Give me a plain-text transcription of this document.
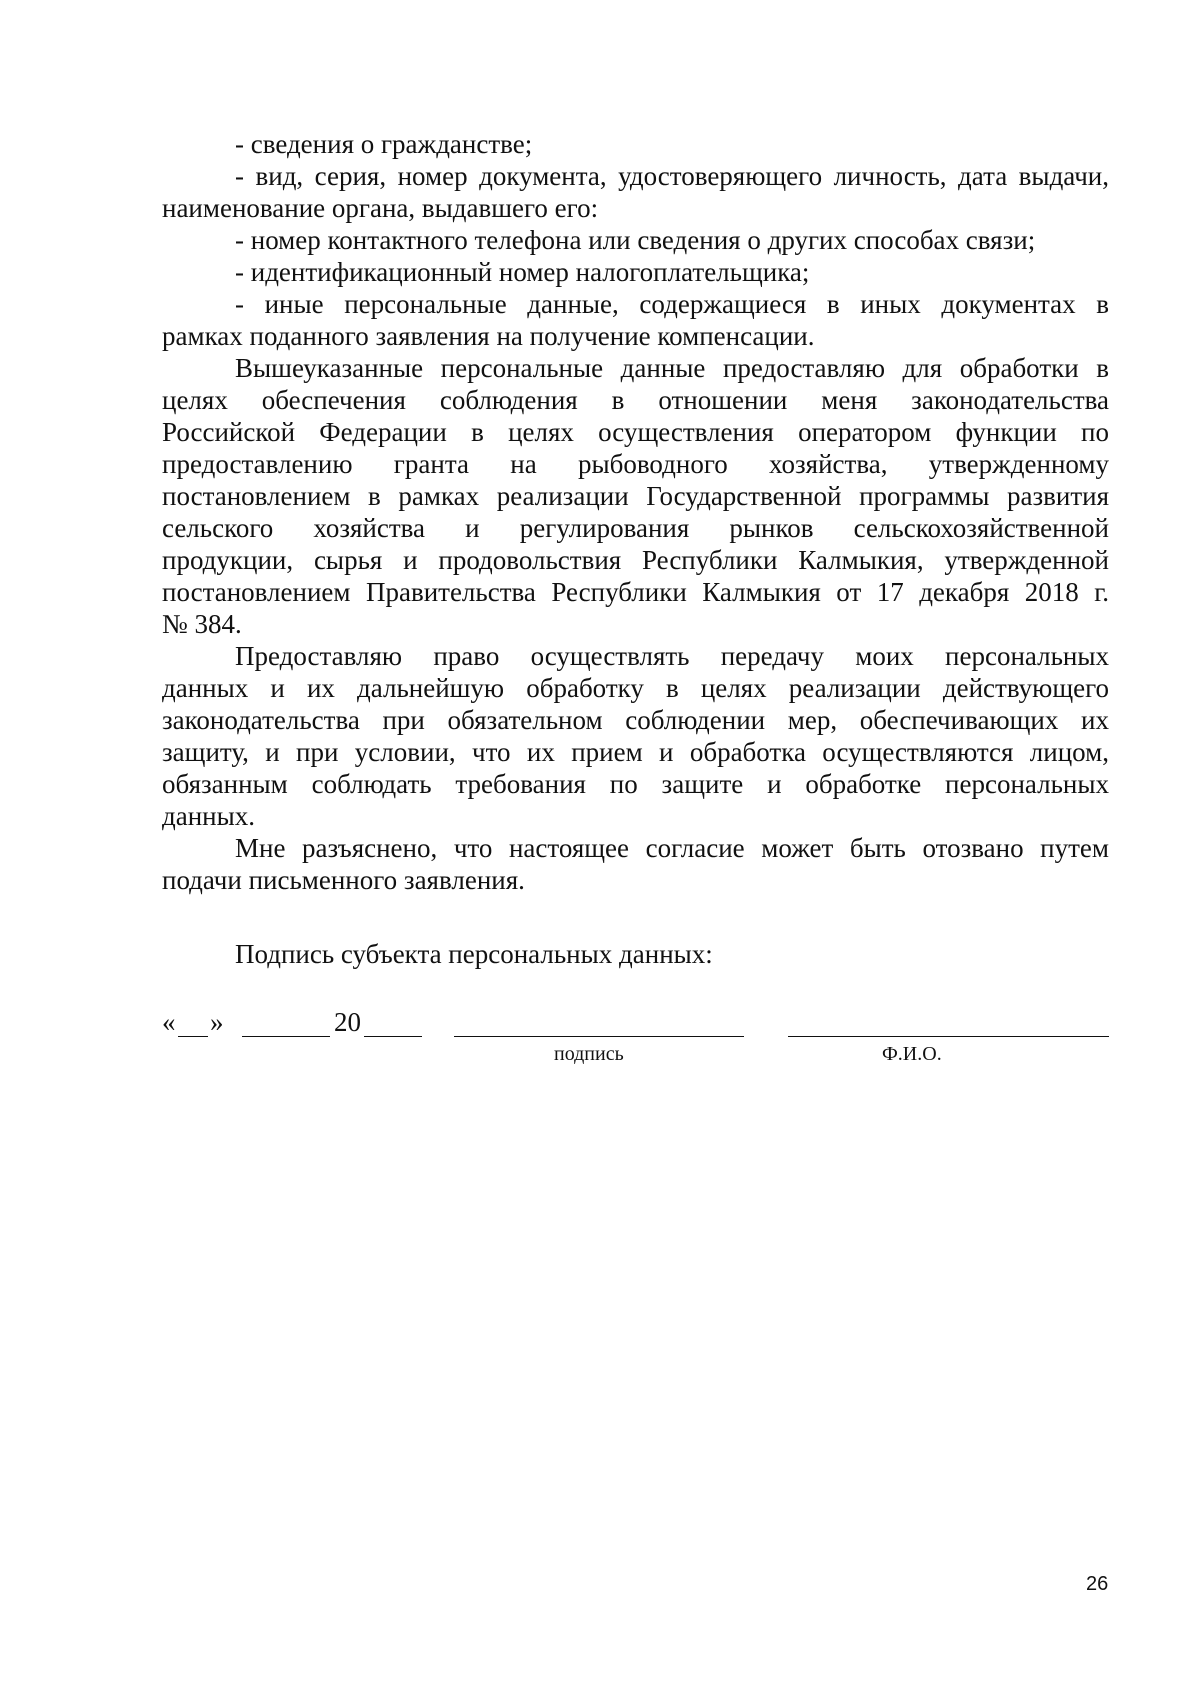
- сведения о гражданстве;
- вид, серия, номер документа, удостоверяющего личность, дата выдачи,
наименование органа, выдавшего его:
- номер контактного телефона или сведения о других способах связи;
- идентификационный номер налогоплательщика;
- иные персональные данные, содержащиеся в иных документах в
рамках поданного заявления на получение компенсации.
Вышеуказанные персональные данные предоставляю для обработки в
целях обеспечения соблюдения в отношении меня законодательства
Российской Федерации в целях осуществления оператором функции по
предоставлению гранта на рыбоводного хозяйства, утвержденному
постановлением в рамках реализации Государственной программы развития
сельского хозяйства и регулирования рынков сельскохозяйственной
продукции, сырья и продовольствия Республики Калмыкия, утвержденной
постановлением Правительства Республики Калмыкия от 17 декабря 2018 г.
№ 384.
Предоставляю право осуществлять передачу моих персональных
данных и их дальнейшую обработку в целях реализации действующего
законодательства при обязательном соблюдении мер, обеспечивающих их
защиту, и при условии, что их прием и обработка осуществляются лицом,
обязанным соблюдать требования по защите и обработке персональных
данных.
Мне разъяснено, что настоящее согласие может быть отозвано путем
подачи письменного заявления.
Подпись субъекта персональных данных:
« »	20
подпись	Ф.И.О.
26
